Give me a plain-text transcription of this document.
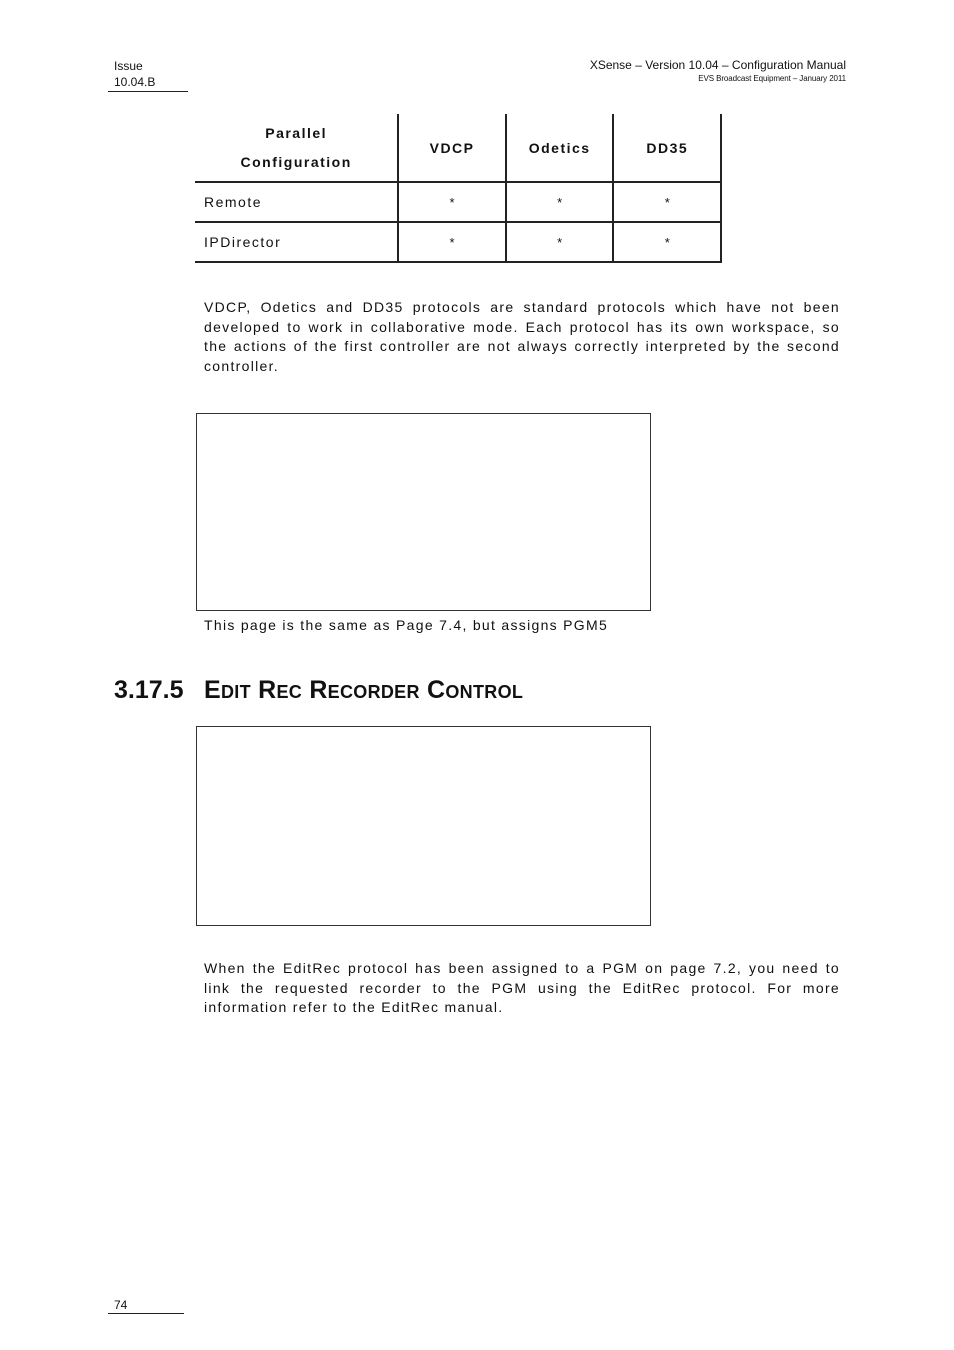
Issue
10.04.B
XSense – Version 10.04 – Configuration Manual
EVS Broadcast Equipment – January 2011
Parallel
Configuration	VDCP	Odetics	DD35
Remote	*	*	*
IPDirector	*	*	*
VDCP, Odetics and DD35 protocols are standard protocols which have not been developed to work in collaborative mode. Each protocol has its own workspace, so the actions of the first controller are not always correctly interpreted by the second controller.
This page is the same as Page 7.4, but assigns PGM5
3.17.5 Edit Rec Recorder Control
When the EditRec protocol has been assigned to a PGM on page 7.2, you need to link the requested recorder to the PGM using the EditRec protocol. For more information refer to the EditRec manual.
74
